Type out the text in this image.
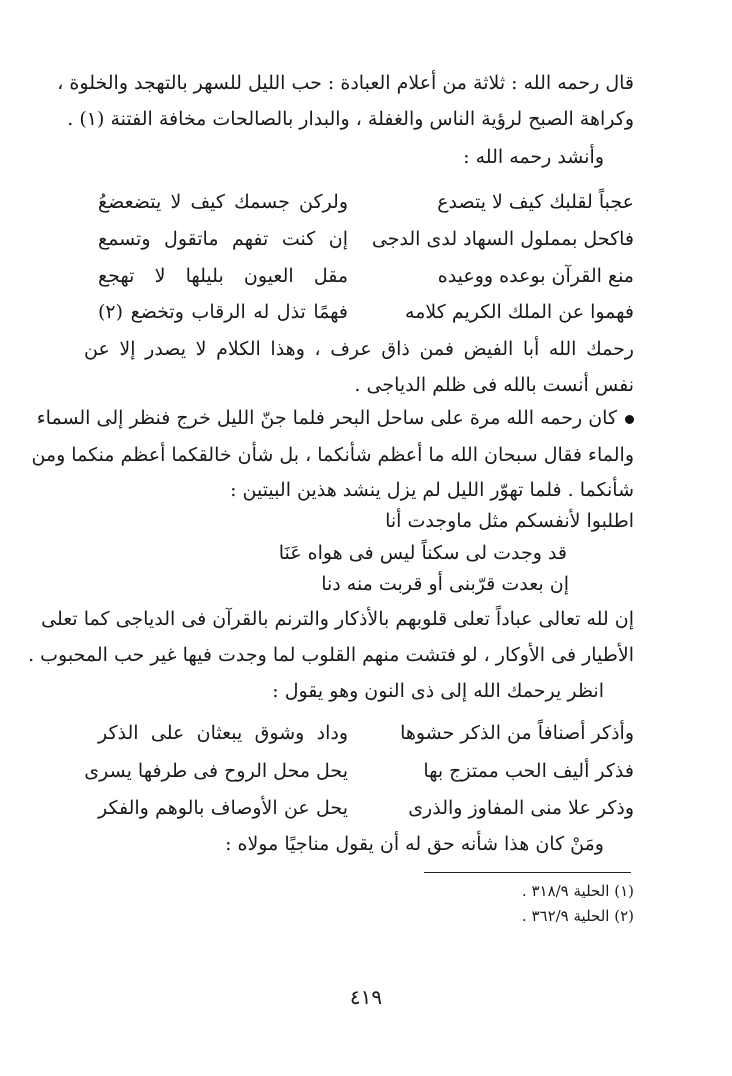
قال رحمه الله : ثلاثة من أعلام العبادة : حب الليل للسهر بالتهجد والخلوة ،
وكراهة الصبح لرؤية الناس والغفلة ، والبدار بالصالحات مخافة الفتنة (١) .
وأنشد رحمه الله :
عجباً لقلبك كيف لا يتصدع
ولركن جسمك كيف لا يتضعضعُ
فاكحل بمملول السهاد لدى الدجى
إن كنت تفهم ماتقول وتسمع
منع القرآن بوعده ووعيده
مقل العيون بليلها لا تهجع
فهموا عن الملك الكريم كلامه
فهمًا تذل له الرقاب وتخضع (٢)
رحمك الله أبا الفيض فمن ذاق عرف ، وهذا الكلام لا يصدر إلا عن
نفس أنست بالله فى ظلم الدياجى .
كان رحمه الله مرة على ساحل البحر فلما جنّ الليل خرج فنظر إلى السماء
والماء فقال سبحان الله ما أعظم شأنكما ، بل شأن خالقكما أعظم منكما ومن
شأنكما . فلما تهوّر الليل لم يزل ينشد هذين البيتين :
اطلبوا لأنفسكم مثل ماوجدت أنا
قد وجدت لى سكناً ليس فى هواه عَنَا
إن بعدت قرّبنى أو قربت منه دنا
إن لله تعالى عباداً تعلى قلوبهم بالأذكار والترنم بالقرآن فى الدياجى كما تعلى
الأطيار فى الأوكار ، لو فتشت منهم القلوب لما وجدت فيها غير حب المحبوب .
انظر يرحمك الله إلى ذى النون وهو يقول :
وأذكر أصنافاً من الذكر حشوها
وداد وشوق يبعثان على الذكر
فذكر أليف الحب ممتزج بها
يحل محل الروح فى طرفها يسرى
وذكر علا منى المفاوز والذرى
يحل عن الأوصاف بالوهم والفكر
ومَنْ كان هذا شأنه حق له أن يقول مناجيًا مولاه :
(١) الحلية ٣١٨/٩ .
(٢) الحلية ٣٦٢/٩ .
٤١٩
